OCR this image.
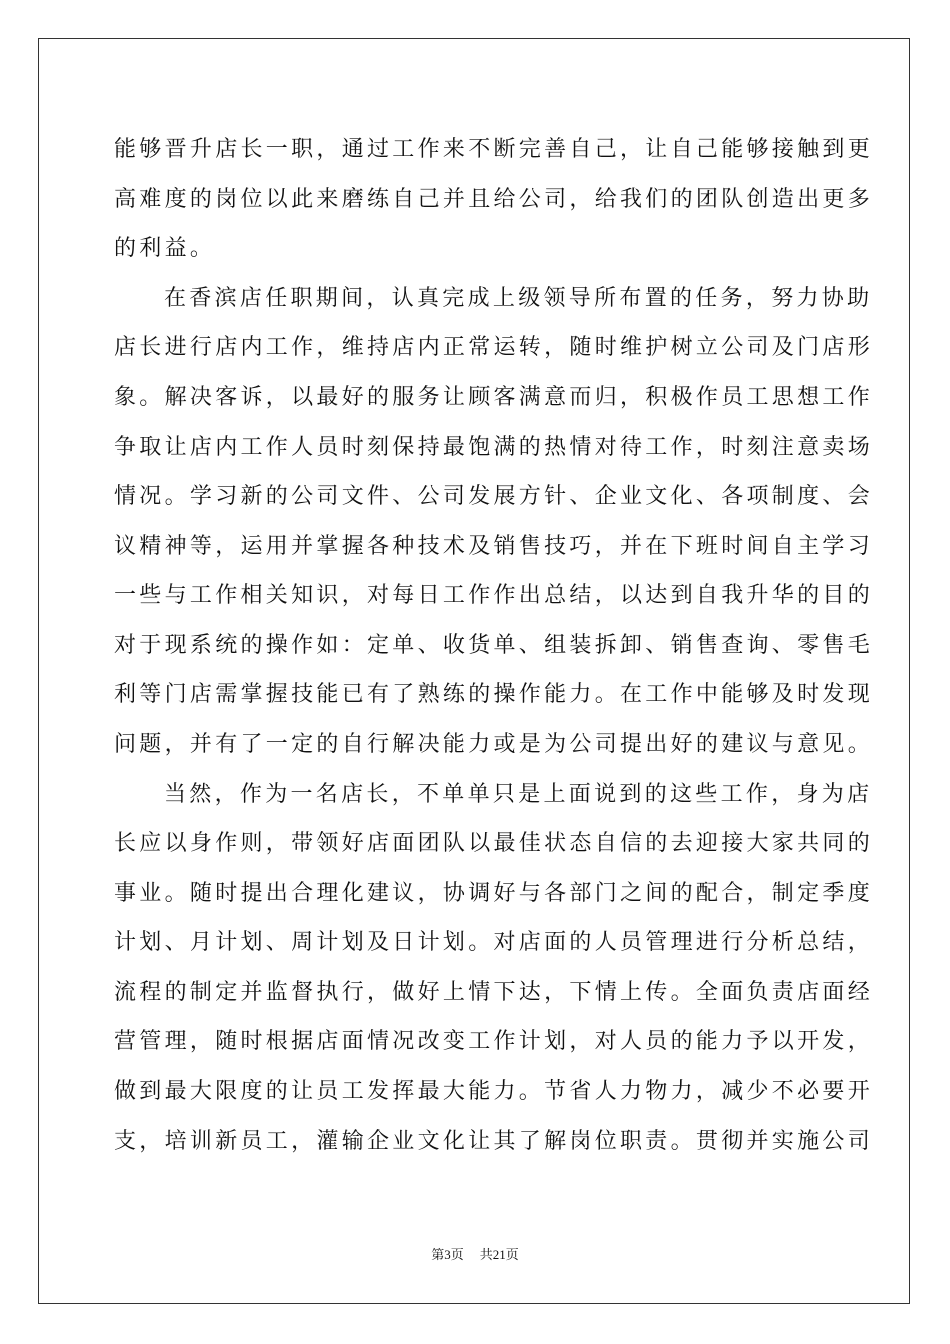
能够晋升店长一职，通过工作来不断完善自己，让自己能够接触到更
高难度的岗位以此来磨练自己并且给公司，给我们的团队创造出更多
的利益。
在香滨店任职期间，认真完成上级领导所布置的任务，努力协助
店长进行店内工作，维持店内正常运转，随时维护树立公司及门店形
象。解决客诉，以最好的服务让顾客满意而归，积极作员工思想工作
争取让店内工作人员时刻保持最饱满的热情对待工作，时刻注意卖场
情况。学习新的公司文件、公司发展方针、企业文化、各项制度、会
议精神等，运用并掌握各种技术及销售技巧，并在下班时间自主学习
一些与工作相关知识，对每日工作作出总结，以达到自我升华的目的
对于现系统的操作如：定单、收货单、组装拆卸、销售查询、零售毛
利等门店需掌握技能已有了熟练的操作能力。在工作中能够及时发现
问题，并有了一定的自行解决能力或是为公司提出好的建议与意见。
当然，作为一名店长，不单单只是上面说到的这些工作，身为店
长应以身作则，带领好店面团队以最佳状态自信的去迎接大家共同的
事业。随时提出合理化建议，协调好与各部门之间的配合，制定季度
计划、月计划、周计划及日计划。对店面的人员管理进行分析总结，
流程的制定并监督执行，做好上情下达，下情上传。全面负责店面经
营管理，随时根据店面情况改变工作计划，对人员的能力予以开发，
做到最大限度的让员工发挥最大能力。节省人力物力，减少不必要开
支，培训新员工，灌输企业文化让其了解岗位职责。贯彻并实施公司
第3页 共21页
